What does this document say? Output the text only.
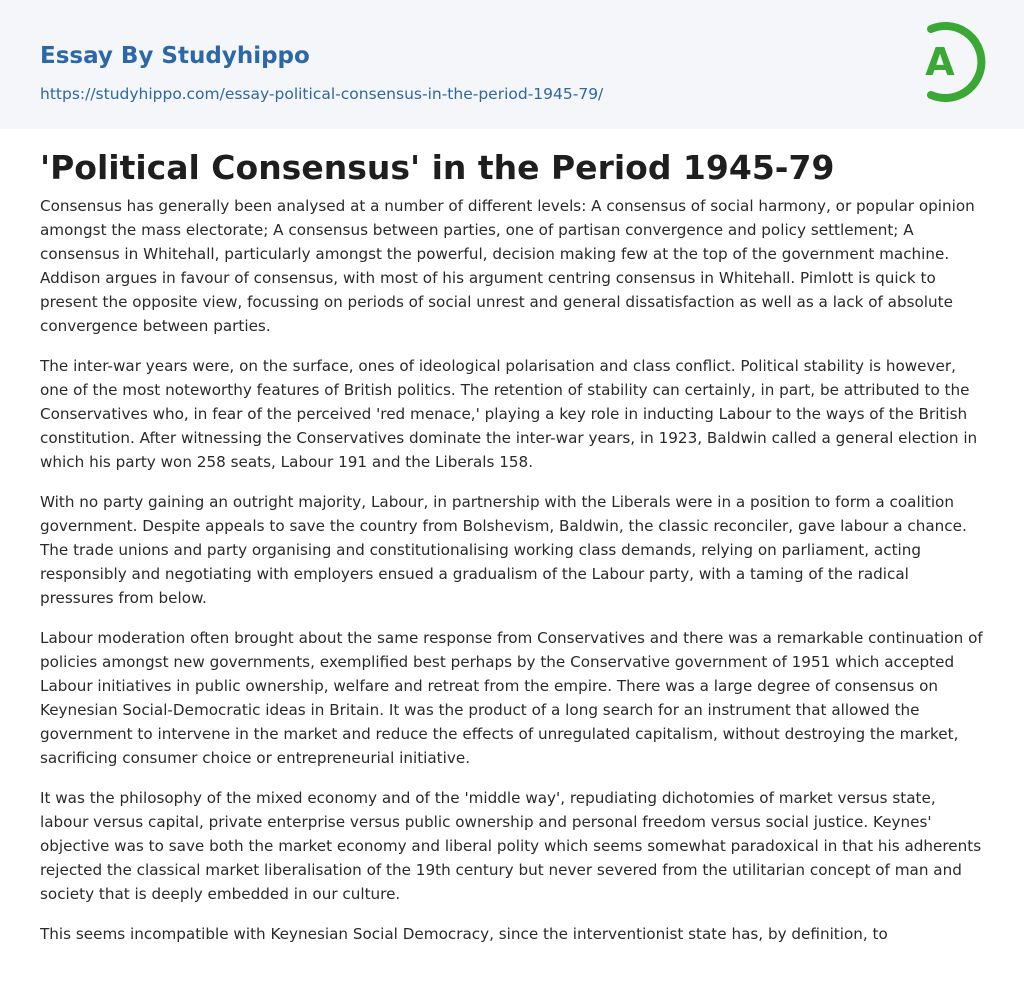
Essay By Studyhippo
https://studyhippo.com/essay-political-consensus-in-the-period-1945-79/
A
'Political Consensus' in the Period 1945-79

Consensus has generally been analysed at a number of different levels: A consensus of social harmony, or popular opinion amongst the mass electorate; A consensus between parties, one of partisan convergence and policy settlement; A consensus in Whitehall, particularly amongst the powerful, decision making few at the top of the government machine. Addison argues in favour of consensus, with most of his argument centring consensus in Whitehall. Pimlott is quick to present the opposite view, focussing on periods of social unrest and general dissatisfaction as well as a lack of absolute convergence between parties.

The inter-war years were, on the surface, ones of ideological polarisation and class conflict. Political stability is however, one of the most noteworthy features of British politics. The retention of stability can certainly, in part, be attributed to the Conservatives who, in fear of the perceived 'red menace,' playing a key role in inducting Labour to the ways of the British constitution. After witnessing the Conservatives dominate the inter-war years, in 1923, Baldwin called a general election in which his party won 258 seats, Labour 191 and the Liberals 158.

With no party gaining an outright majority, Labour, in partnership with the Liberals were in a position to form a coalition government. Despite appeals to save the country from Bolshevism, Baldwin, the classic reconciler, gave labour a chance. The trade unions and party organising and constitutionalising working class demands, relying on parliament, acting responsibly and negotiating with employers ensued a gradualism of the Labour party, with a taming of the radical pressures from below.

Labour moderation often brought about the same response from Conservatives and there was a remarkable continuation of policies amongst new governments, exemplified best perhaps by the Conservative government of 1951 which accepted Labour initiatives in public ownership, welfare and retreat from the empire. There was a large degree of consensus on Keynesian Social-Democratic ideas in Britain. It was the product of a long search for an instrument that allowed the government to intervene in the market and reduce the effects of unregulated capitalism, without destroying the market, sacrificing consumer choice or entrepreneurial initiative.

It was the philosophy of the mixed economy and of the 'middle way', repudiating dichotomies of market versus state, labour versus capital, private enterprise versus public ownership and personal freedom versus social justice. Keynes' objective was to save both the market economy and liberal polity which seems somewhat paradoxical in that his adherents rejected the classical market liberalisation of the 19th century but never severed from the utilitarian concept of man and society that is deeply embedded in our culture.

This seems incompatible with Keynesian Social Democracy, since the interventionist state has, by definition, to
